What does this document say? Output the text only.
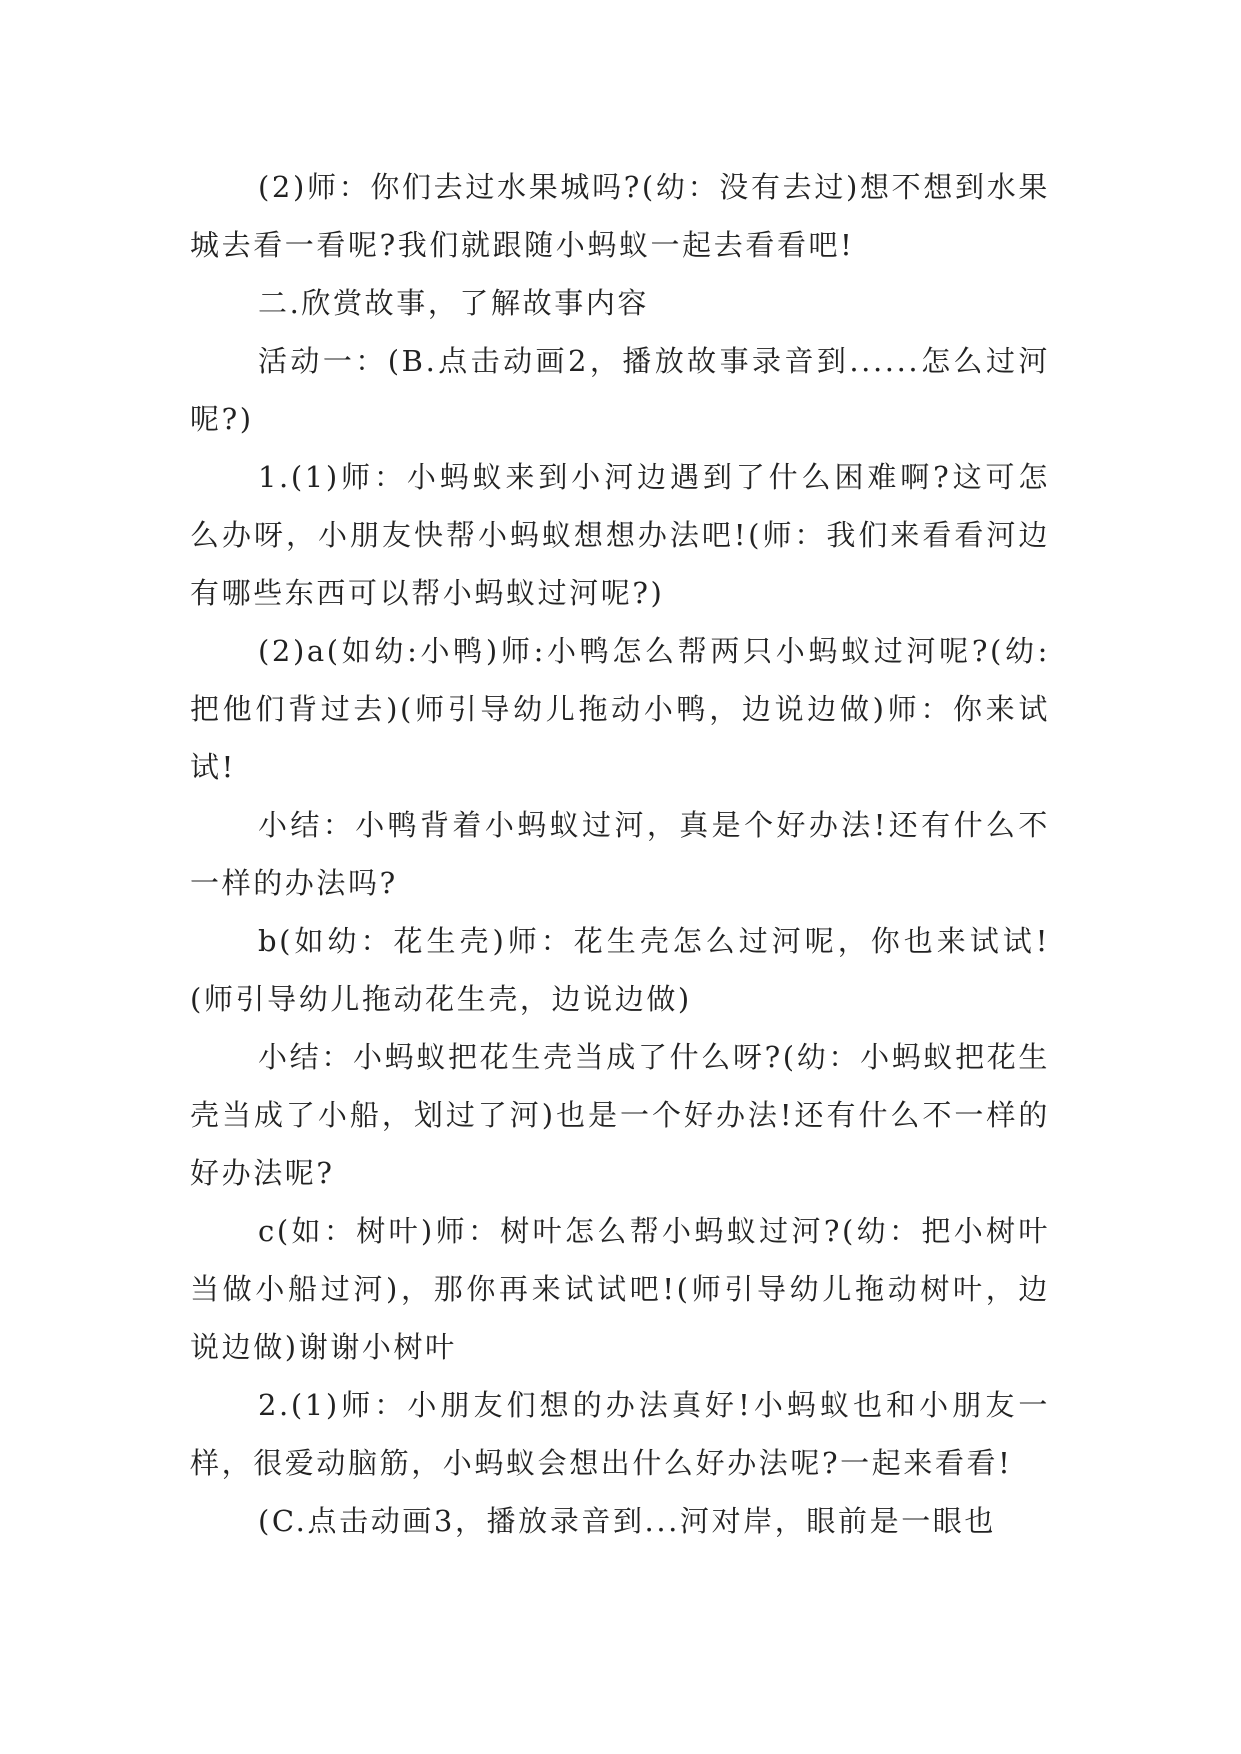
(2)师：你们去过水果城吗?(幼：没有去过)想不想到水果城去看一看呢?我们就跟随小蚂蚁一起去看看吧!

二.欣赏故事，了解故事内容

活动一：(B.点击动画2，播放故事录音到......怎么过河呢?)

1.(1)师：小蚂蚁来到小河边遇到了什么困难啊?这可怎么办呀，小朋友快帮小蚂蚁想想办法吧!(师：我们来看看河边有哪些东西可以帮小蚂蚁过河呢?)

(2)a(如幼:小鸭)师:小鸭怎么帮两只小蚂蚁过河呢?(幼:把他们背过去)(师引导幼儿拖动小鸭，边说边做)师：你来试试!

小结：小鸭背着小蚂蚁过河，真是个好办法!还有什么不一样的办法吗?

b(如幼：花生壳)师：花生壳怎么过河呢，你也来试试!(师引导幼儿拖动花生壳，边说边做)

小结：小蚂蚁把花生壳当成了什么呀?(幼：小蚂蚁把花生壳当成了小船，划过了河)也是一个好办法!还有什么不一样的好办法呢?

c(如：树叶)师：树叶怎么帮小蚂蚁过河?(幼：把小树叶当做小船过河)，那你再来试试吧!(师引导幼儿拖动树叶，边说边做)谢谢小树叶

2.(1)师：小朋友们想的办法真好!小蚂蚁也和小朋友一样，很爱动脑筋，小蚂蚁会想出什么好办法呢?一起来看看!

(C.点击动画3，播放录音到...河对岸，眼前是一眼也
